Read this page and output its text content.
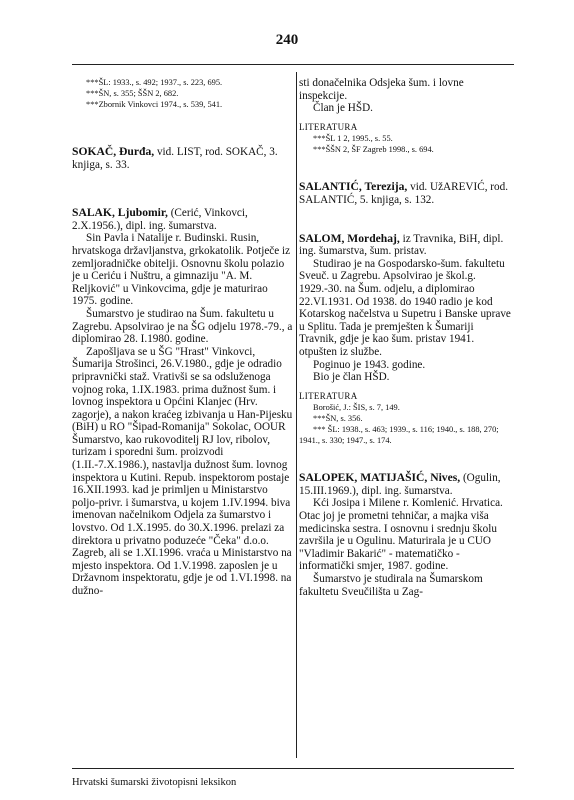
240
***ŠL: 1933., s. 492; 1937., s. 223, 695.
***ŠN, s. 355; ŠŠN 2, 682.
***Zbornik Vinkovci 1974., s. 539, 541.
SOKAČ, Đurđa, vid. LIST, rod. SOKAČ, 3. knjiga, s. 33.

SALAK, Ljubomir, (Cerić, Vinkovci, 2.X.1956.), dipl. ing. šumarstva.

Sin Pavla i Natalije r. Budinski. Rusin, hrvatskoga državljanstva, grkokatolik. Potječe iz zemljoradničke obitelji. Osnovnu školu polazio je u Ceriću i Nuštru, a gimnaziju "A. M. Reljković" u Vinkovcima, gdje je maturirao 1975. godine.

Šumarstvo je studirao na Šum. fakultetu u Zagrebu. Apsolvirao je na ŠG odjelu 1978.-79., a diplomirao 28. I.1980. godine.

Zapošljava se u ŠG "Hrast" Vinkovci, Šumarija Strošinci, 26.V.1980., gdje je odradio pripravnički staž. Vrativši se sa odsluženoga vojnog roka, 1.IX.1983. prima dužnost šum. i lovnog inspektora u Općini Klanjec (Hrv. zagorje), a nakon kraćeg izbivanja u Han-Pijesku (BiH) u RO "Šipad-Romanija" Sokolac, OOUR Šumarstvo, kao rukovoditelj RJ lov, ribolov, turizam i sporedni šum. proizvodi (1.II.-7.X.1986.), nastavlja dužnost šum. lovnog inspektora u Kutini. Repub. inspektorom postaje 16.XII.1993. kad je primljen u Ministarstvo poljo-privr. i šumarstva, u kojem 1.IV.1994. biva imenovan načelnikom Odjela za šumarstvo i lovstvo. Od 1.X.1995. do 30.X.1996. prelazi za direktora u privatno poduzeće "Čeka" d.o.o. Zagreb, ali se 1.XI.1996. vraća u Ministarstvo na mjesto inspektora. Od 1.V.1998. zaposlen je u Državnom inspektoratu, gdje je od 1.VI.1998. na dužno-

sti donačelnika Odsjeka šum. i lovne inspekcije.

Član je HŠD.

LITERATURA
***ŠL 1 2, 1995., s. 55.
***ŠŠN 2, ŠF Zagreb 1998., s. 694.
SALANTIĆ, Terezija, vid. UžAREVIĆ, rod. SALANTIĆ, 5. knjiga, s. 132.

SALOM, Mordehaj, iz Travnika, BiH, dipl. ing. šumarstva, šum. pristav.

Studirao je na Gospodarsko-šum. fakultetu Sveuč. u Zagrebu. Apsolvirao je škol.g. 1929.-30. na Šum. odjelu, a diplomirao 22.VI.1931. Od 1938. do 1940 radio je kod Kotarskog načelstva u Supetru i Banske uprave u Splitu. Tada je premješten k Šumariji Travnik, gdje je kao šum. pristav 1941. otpušten iz službe.

Poginuo je 1943. godine.

Bio je član HŠD.

LITERATURA
Borošić, J.: ŠIS, s. 7, 149.
***ŠN, s. 356.
*** ŠL: 1938., s. 463; 1939., s. 116; 1940., s. 188, 270; 1941., s. 330; 1947., s. 174.

SALOPEK, MATIJAŠIĆ, Nives, (Ogulin, 15.III.1969.), dipl. ing. šumarstva.

Kći Josipa i Milene r. Komlenić. Hrvatica. Otac joj je prometni tehničar, a majka viša medicinska sestra. I osnovnu i srednju školu završila je u Ogulinu. Maturirala je u CUO "Vladimir Bakarić" - matematičko - informatički smjer, 1987. godine.

Šumarstvo je studirala na Šumarskom fakultetu Sveučilišta u Zag-

Hrvatski šumarski životopisni leksikon
